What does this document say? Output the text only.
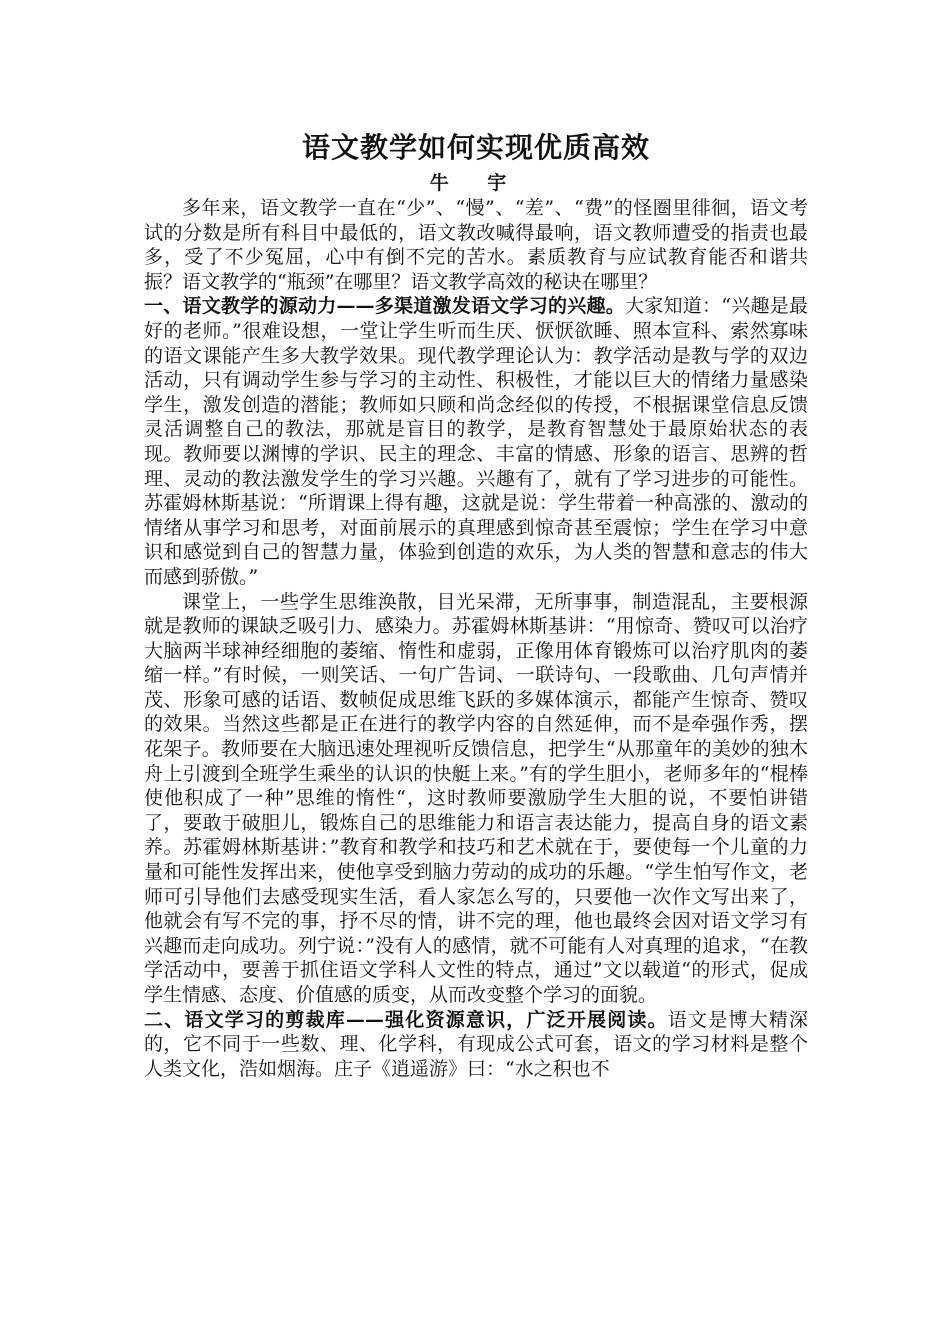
语文教学如何实现优质高效
牛 宇

多年来，语文教学一直在“少”、“慢”、“差”、“费”的怪圈里徘徊，语文考试的分数是所有科目中最低的，语文教改喊得最响，语文教师遭受的指责也最多，受了不少冤屈，心中有倒不完的苦水。素质教育与应试教育能否和谐共振？语文教学的“瓶颈”在哪里？语文教学高效的秘诀在哪里？

一、语文教学的源动力——多渠道激发语文学习的兴趣。大家知道：“兴趣是最好的老师。”很难设想，一堂让学生听而生厌、恹恹欲睡、照本宣科、索然寡味的语文课能产生多大教学效果。现代教学理论认为：教学活动是教与学的双边活动，只有调动学生参与学习的主动性、积极性，才能以巨大的情绪力量感染学生，激发创造的潜能；教师如只顾和尚念经似的传授，不根据课堂信息反馈灵活调整自己的教法，那就是盲目的教学，是教育智慧处于最原始状态的表现。教师要以渊博的学识、民主的理念、丰富的情感、形象的语言、思辨的哲理、灵动的教法激发学生的学习兴趣。兴趣有了，就有了学习进步的可能性。苏霍姆林斯基说：“所谓课上得有趣，这就是说：学生带着一种高涨的、激动的情绪从事学习和思考，对面前展示的真理感到惊奇甚至震惊；学生在学习中意识和感觉到自己的智慧力量，体验到创造的欢乐，为人类的智慧和意志的伟大而感到骄傲。”

课堂上，一些学生思维涣散，目光呆滞，无所事事，制造混乱，主要根源就是教师的课缺乏吸引力、感染力。苏霍姆林斯基讲：“用惊奇、赞叹可以治疗大脑两半球神经细胞的萎缩、惰性和虚弱，正像用体育锻炼可以治疗肌肉的萎缩一样。”有时候，一则笑话、一句广告词、一联诗句、一段歌曲、几句声情并茂、形象可感的话语、数帧促成思维飞跃的多媒体演示，都能产生惊奇、赞叹的效果。当然这些都是正在进行的教学内容的自然延伸，而不是牵强作秀，摆花架子。教师要在大脑迅速处理视听反馈信息，把学生“从那童年的美妙的独木舟上引渡到全班学生乘坐的认识的快艇上来。”有的学生胆小，老师多年的“棍棒使他积成了一种”思维的惰性“，这时教师要激励学生大胆的说，不要怕讲错了，要敢于破胆儿，锻炼自己的思维能力和语言表达能力，提高自身的语文素养。苏霍姆林斯基讲：”教育和教学和技巧和艺术就在于，要使每一个儿童的力量和可能性发挥出来，使他享受到脑力劳动的成功的乐趣。“学生怕写作文，老师可引导他们去感受现实生活，看人家怎么写的，只要他一次作文写出来了，他就会有写不完的事，抒不尽的情，讲不完的理，他也最终会因对语文学习有兴趣而走向成功。列宁说：”没有人的感情，就不可能有人对真理的追求，“在教学活动中，要善于抓住语文学科人文性的特点，通过”文以载道“的形式，促成学生情感、态度、价值感的质变，从而改变整个学习的面貌。

二、语文学习的剪裁库——强化资源意识，广泛开展阅读。语文是博大精深的，它不同于一些数、理、化学科，有现成公式可套，语文的学习材料是整个人类文化，浩如烟海。庄子《逍遥游》曰：“水之积也不
